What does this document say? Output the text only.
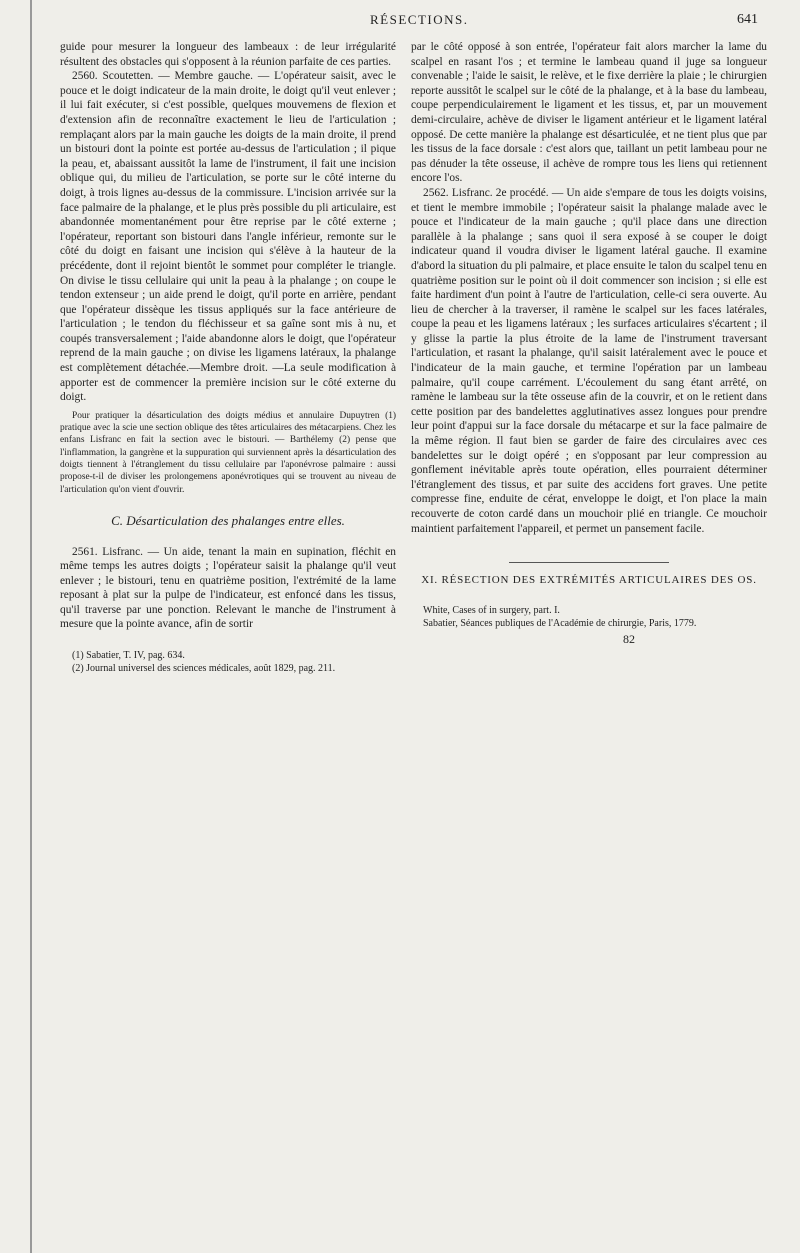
RÉSECTIONS.	641

guide pour mesurer la longueur des lambeaux : de leur irrégularité résultent des obstacles qui s'opposent à la réunion parfaite de ces parties.

2560. Scoutetten. — Membre gauche. — L'opérateur saisit, avec le pouce et le doigt indicateur de la main droite, le doigt qu'il veut enlever ; il lui fait exécuter, si c'est possible, quelques mouvemens de flexion et d'extension afin de reconnaître exactement le lieu de l'articulation ; remplaçant alors par la main gauche les doigts de la main droite, il prend un bistouri dont la pointe est portée au-dessus de l'articulation ; il pique la peau, et, abaissant aussitôt la lame de l'instrument, il fait une incision oblique qui, du milieu de l'articulation, se porte sur le côté interne du doigt, à trois lignes au-dessus de la commissure. L'incision arrivée sur la face palmaire de la phalange, et le plus près possible du pli articulaire, est abandonnée momentanément pour être reprise par le côté externe ; l'opérateur, reportant son bistouri dans l'angle inférieur, remonte sur le côté du doigt en faisant une incision qui s'élève à la hauteur de la précédente, dont il rejoint bientôt le sommet pour compléter le triangle. On divise le tissu cellulaire qui unit la peau à la phalange ; on coupe le tendon extenseur ; un aide prend le doigt, qu'il porte en arrière, pendant que l'opérateur dissèque les tissus appliqués sur la face antérieure de l'articulation ; le tendon du fléchisseur et sa gaîne sont mis à nu, et coupés transversalement ; l'aide abandonne alors le doigt, que l'opérateur reprend de la main gauche ; on divise les ligamens latéraux, la phalange est complètement détachée.—Membre droit. —La seule modification à apporter est de commencer la première incision sur le côté externe du doigt.

Pour pratiquer la désarticulation des doigts médius et annulaire Dupuytren (1) pratique avec la scie une section oblique des têtes articulaires des métacarpiens. Chez les enfans Lisfranc en fait la section avec le bistouri. — Barthélemy (2) pense que l'inflammation, la gangrène et la suppuration qui surviennent après la désarticulation des doigts tiennent à l'étranglement du tissu cellulaire par l'aponévrose palmaire : aussi propose-t-il de diviser les prolongemens aponévrotiques qui se trouvent au niveau de l'articulation qu'on vient d'ouvrir.

C. Désarticulation des phalanges entre elles.

2561. Lisfranc. — Un aide, tenant la main en supination, fléchit en même temps les autres doigts ; l'opérateur saisit la phalange qu'il veut enlever ; le bistouri, tenu en quatrième position, l'extrémité de la lame reposant à plat sur la pulpe de l'indicateur, est enfoncé dans les tissus, qu'il traverse par une ponction. Relevant le manche de l'instrument à mesure que la pointe avance, afin de sortir

(1) Sabatier, T. IV, pag. 634.
(2) Journal universel des sciences médicales, août 1829, pag. 211.

par le côté opposé à son entrée, l'opérateur fait alors marcher la lame du scalpel en rasant l'os ; et termine le lambeau quand il juge sa longueur convenable ; l'aide le saisit, le relève, et le fixe derrière la plaie ; le chirurgien reporte aussitôt le scalpel sur le côté de la phalange, et à la base du lambeau, coupe perpendiculairement le ligament et les tissus, et, par un mouvement demi-circulaire, achève de diviser le ligament antérieur et le ligament latéral opposé. De cette manière la phalange est désarticulée, et ne tient plus que par les tissus de la face dorsale : c'est alors que, taillant un petit lambeau pour ne pas dénuder la tête osseuse, il achève de rompre tous les liens qui retiennent encore l'os.

2562. Lisfranc. 2e procédé. — Un aide s'empare de tous les doigts voisins, et tient le membre immobile ; l'opérateur saisit la phalange malade avec le pouce et l'indicateur de la main gauche ; qu'il place dans une direction parallèle à la phalange ; sans quoi il sera exposé à se couper le doigt indicateur quand il voudra diviser le ligament latéral gauche. Il examine d'abord la situation du pli palmaire, et place ensuite le talon du scalpel tenu en quatrième position sur le point où il doit commencer son incision ; si elle est faite hardiment d'un point à l'autre de l'articulation, celle-ci sera ouverte. Au lieu de chercher à la traverser, il ramène le scalpel sur les faces latérales, coupe la peau et les ligamens latéraux ; les surfaces articulaires s'écartent ; il y glisse la partie la plus étroite de la lame de l'instrument traversant l'articulation, et rasant la phalange, qu'il saisit latéralement avec le pouce et l'indicateur de la main gauche, et termine l'opération par un lambeau palmaire, qu'il coupe carrément. L'écoulement du sang étant arrêté, on ramène le lambeau sur la tête osseuse afin de la couvrir, et on le retient dans cette position par des bandelettes agglutinatives assez longues pour prendre leur point d'appui sur la face dorsale du métacarpe et sur la face palmaire de la même région. Il faut bien se garder de faire des circulaires avec ces bandelettes sur le doigt opéré ; en s'opposant par leur compression au gonflement inévitable après toute opération, elles pourraient déterminer l'étranglement des tissus, et par suite des accidens fort graves. Une petite compresse fine, enduite de cérat, enveloppe le doigt, et l'on place la main recouverte de coton cardé dans un mouchoir plié en triangle. Ce mouchoir maintient parfaitement l'appareil, et permet un pansement facile.

XI. RÉSECTION DES EXTRÉMITÉS ARTICULAIRES DES OS.
White, Cases of in surgery, part. I.
Sabatier, Séances publiques de l'Académie de chirurgie, Paris, 1779.
82
